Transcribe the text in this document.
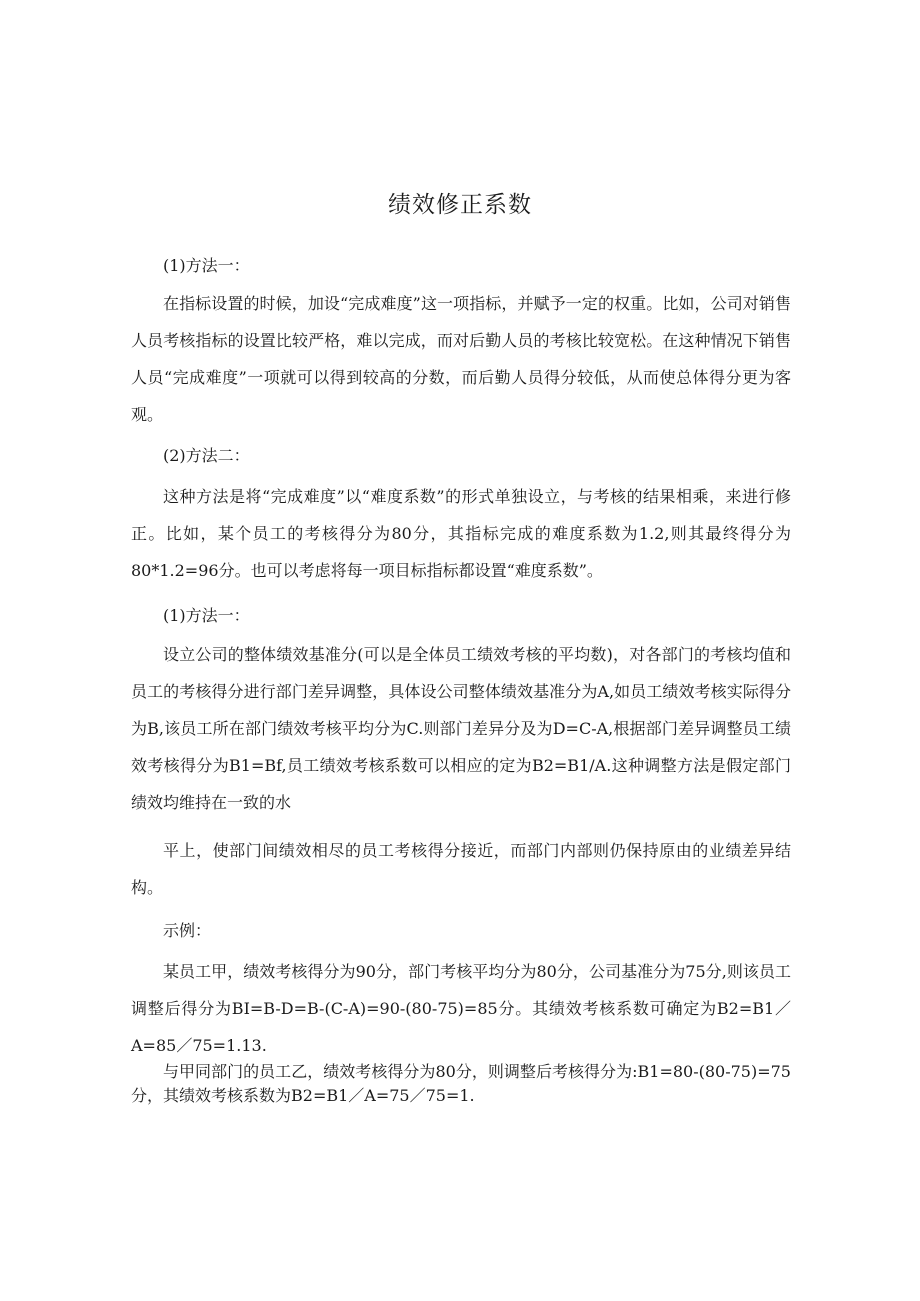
绩效修正系数

(1)方法一：

在指标设置的时候，加设“完成难度”这一项指标，并赋予一定的权重。比如，公司对销售人员考核指标的设置比较严格，难以完成，而对后勤人员的考核比较宽松。在这种情况下销售人员“完成难度”一项就可以得到较高的分数，而后勤人员得分较低，从而使总体得分更为客观。

(2)方法二：

这种方法是将“完成难度”以“难度系数”的形式单独设立，与考核的结果相乘，来进行修正。比如，某个员工的考核得分为80分，其指标完成的难度系数为1.2,则其最终得分为80*1.2=96分。也可以考虑将每一项目标指标都设置“难度系数”。

(1)方法一：

设立公司的整体绩效基准分(可以是全体员工绩效考核的平均数)，对各部门的考核均值和员工的考核得分进行部门差异调整，具体设公司整体绩效基准分为A,如员工绩效考核实际得分为B,该员工所在部门绩效考核平均分为C.则部门差异分及为D=C-A,根据部门差异调整员工绩效考核得分为B1=Bf,员工绩效考核系数可以相应的定为B2=B1/A.这种调整方法是假定部门绩效均维持在一致的水

平上，使部门间绩效相尽的员工考核得分接近，而部门内部则仍保持原由的业绩差异结构。

示例：

某员工甲，绩效考核得分为90分，部门考核平均分为80分，公司基准分为75分,则该员工调整后得分为BI=B-D=B-(C-A)=90-(80-75)=85分。其绩效考核系数可确定为B2=B1／A=85／75=1.13.

与甲同部门的员工乙，绩效考核得分为80分，则调整后考核得分为:B1=80-(80-75)=75分，其绩效考核系数为B2=B1／A=75／75=1.
